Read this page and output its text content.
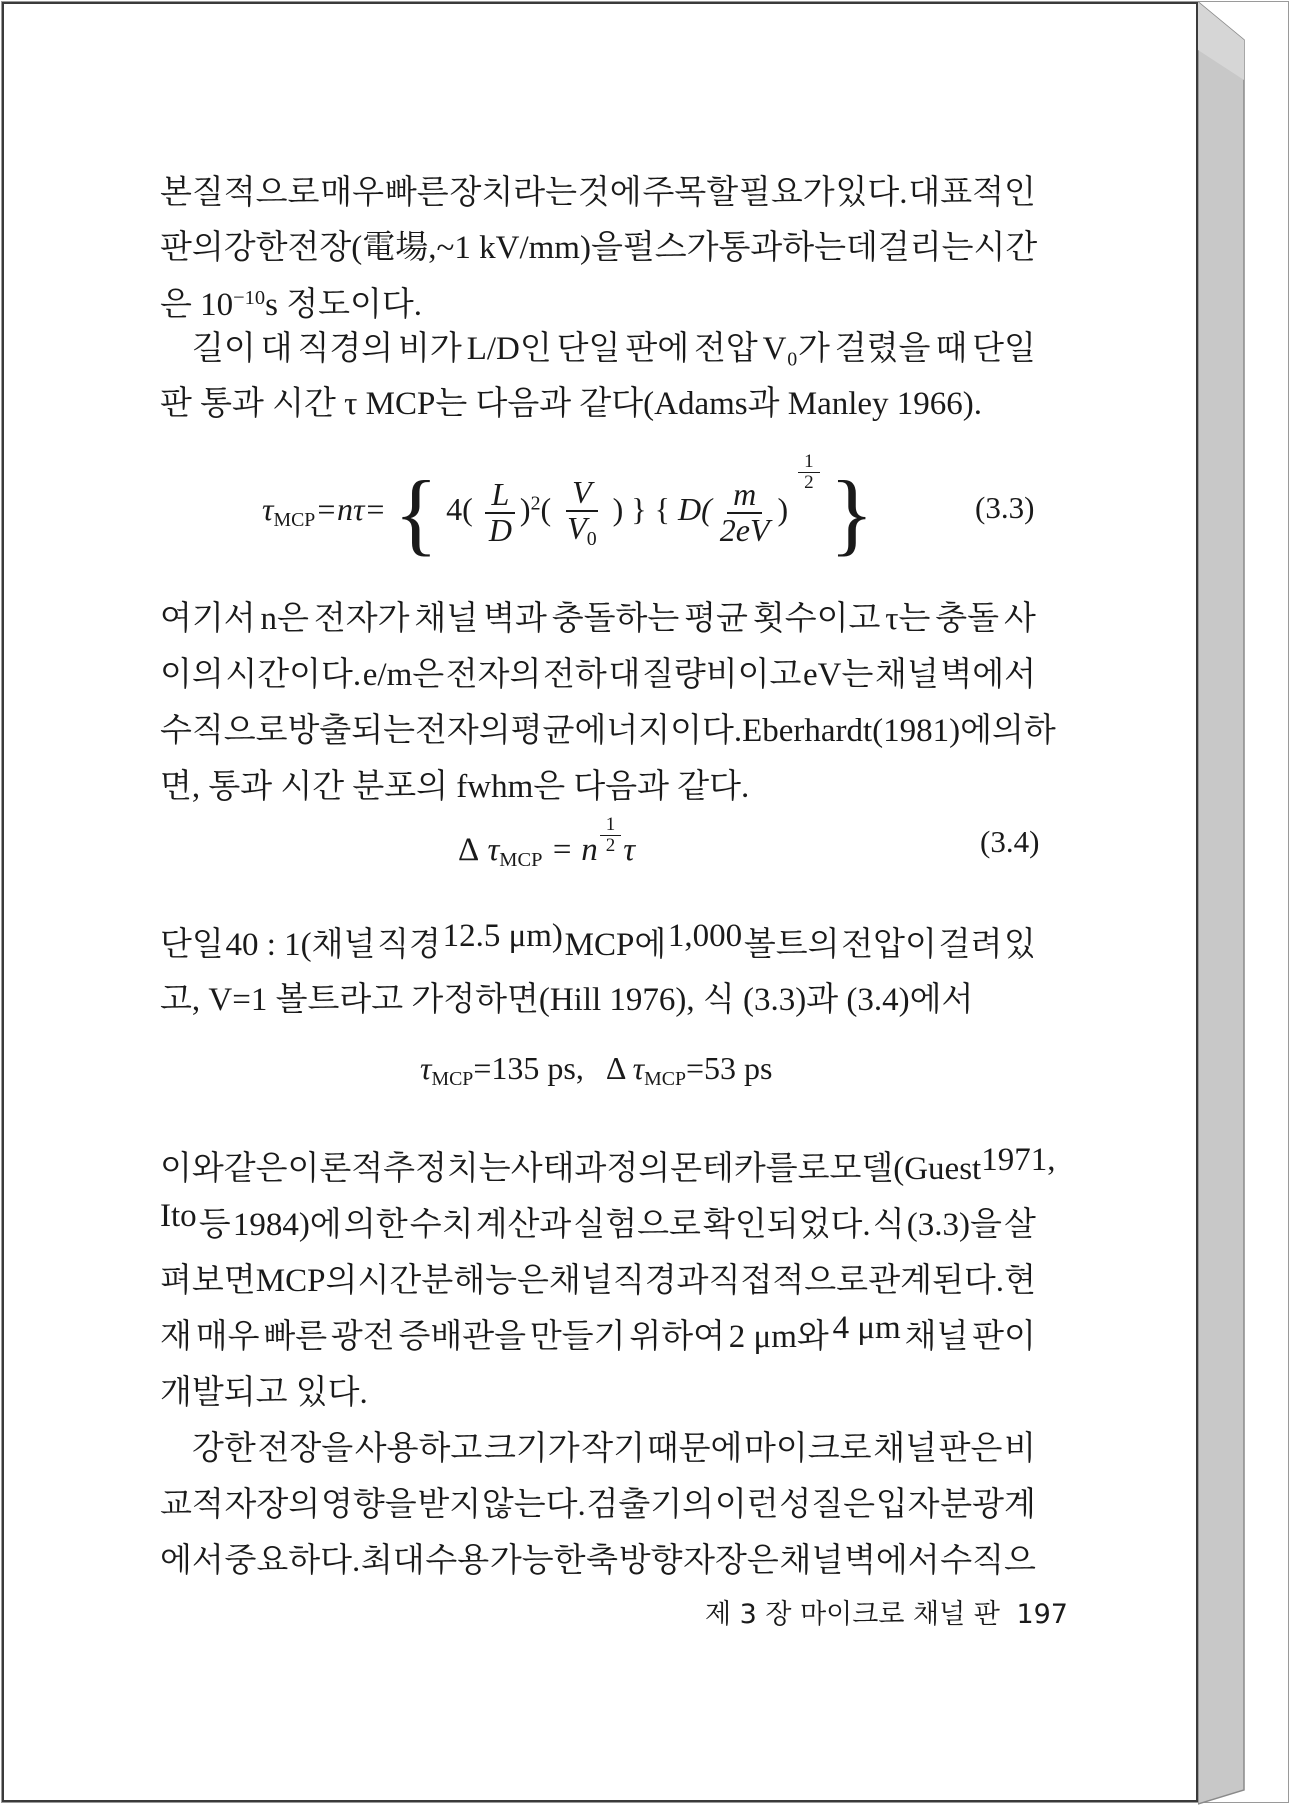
본질적으로 매우 빠른 장치라는 것에 주목할 필요가 있다. 대표적인
판의 강한 전장(電場, ~1 kV/mm)을 펄스가 통과하는 데 걸리는 시간
은 $10^{-10}s$ 정도이다.
길이 대 직경의 비가 L/D인 단일 판에 전압 V₀가 걸렸을 때 단일
판 통과 시간 τ MCP는 다음과 같다(Adams과 Manley 1966).
여기서 n은 전자가 채널 벽과 충돌하는 평균 횟수이고 τ는 충돌 사
이의 시간이다. e/m은 전자의 전하 대 질량비이고 eV는 채널 벽에서
수직으로 방출되는 전자의 평균 에너지이다. Eberhardt(1981)에 의하
면, 통과 시간 분포의 fwhm은 다음과 같다.
단일 40 : 1(채널 직경 12.5 μm) MCP에 1,000 볼트의 전압이 걸려 있
고, V=1 볼트라고 가정하면(Hill 1976), 식 (3.3)과 (3.4)에서
이와 같은 이론적 추정치는 사태 과정의 몬테카를로 모델(Guest 1971,
Ito 등 1984)에 의한 수치 계산과 실험으로 확인되었다. 식 (3.3)을 살
펴보면 MCP의 시간 분해능은 채널 직경과 직접적으로 관계된다. 현
재 매우 빠른 광전 증배관을 만들기 위하여 2 μm와 4 μm 채널 판이
개발되고 있다.
강한 전장을 사용하고 크기가 작기 때문에 마이크로 채널 판은 비
교적 자장의 영향을 받지 않는다. 검출기의 이런 성질은 입자 분광계
에서 중요하다. 최대 수용 가능한 축 방향 자장은 채널 벽에서 수직으
$\tau_{MCP}=n\tau=$ { $4( \frac{L}{D} )^2( \frac{V}{V_0}$ ) } { $D( \frac{m}{2eV}$ )
$\frac{1}{2}$ }	(3.3)
Δ $\tau_{MCP} = n \frac{1}{2}$ τ	(3.4)
$\tau_{MCP}=135$ ps, Δ $\tau_{MCP}=53$ ps
제 3 장 마이크로 채널 판 197
